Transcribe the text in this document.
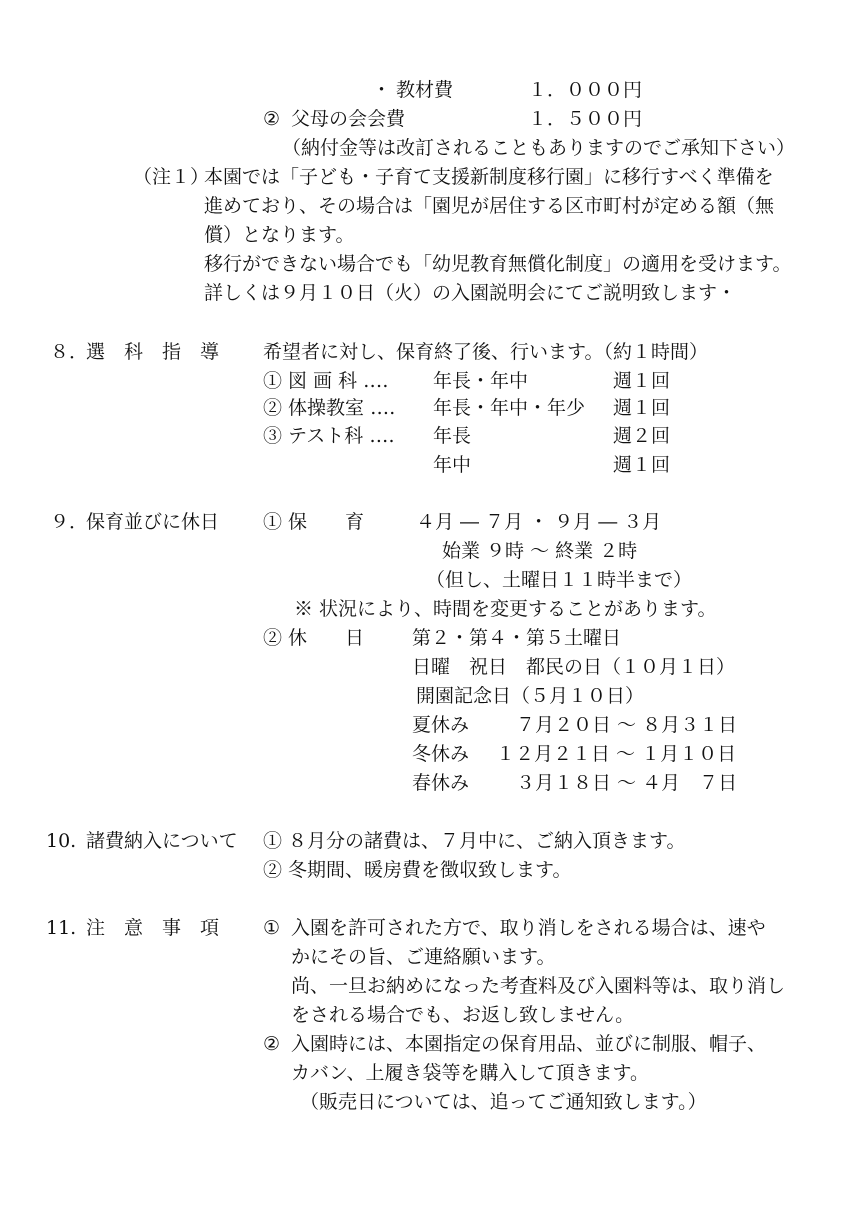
・ 教材費	１．０００円
② 父母の会会費	１．５００円
（納付金等は改訂されることもありますのでご承知下さい）
（注１）
本園では「子ども・子育て支援新制度移行園」に移行すべく準備を
進めており、その場合は「園児が居住する区市町村が定める額（無
償）となります。
移行ができない場合でも「幼児教育無償化制度」の適用を受けます。
詳しくは９月１０日（火）の入園説明会にてご説明致します・
８．
選　科　指　導 希望者に対し、保育終了後、行います。（約１時間）
① 図 画 科 ‥‥ 年長・年中	週１回
② 体操教室 ‥‥ 年長・年中・年少 週１回
③ テスト科 ‥‥ 年長	週２回
年中	週１回
９．
保育並びに休日 ① 保　　育	４月 ― ７月 ・ ９月 ― ３月
始業 ９時 ～ 終業 ２時
（但し、土曜日１１時半まで）
※ 状況により、時間を変更することがあります。
② 休　　日	第２・第４・第５土曜日
日曜　祝日　都民の日（１０月１日）
開園記念日（５月１０日）
夏休み ７月２０日 ～ ８月３１日
冬休み １２月２１日 ～ １月１０日
春休み ３月１８日 ～ ４月　７日
10. 諸費納入について ① ８月分の諸費は、７月中に、ご納入頂きます。
② 冬期間、暖房費を徴収致します。
11. 注　意　事　項 ① 入園を許可された方で、取り消しをされる場合は、速や
かにその旨、ご連絡願います。
尚、一旦お納めになった考査料及び入園料等は、取り消し
をされる場合でも、お返し致しません。
② 入園時には、本園指定の保育用品、並びに制服、帽子、
カバン、上履き袋等を購入して頂きます。
（販売日については、追ってご通知致します。）
